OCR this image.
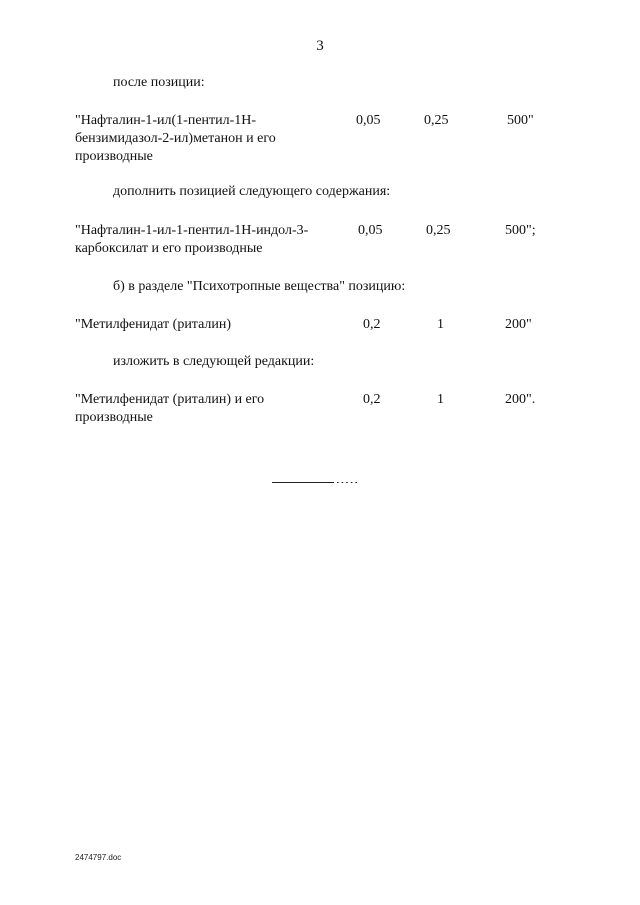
3
после позиции:
"Нафталин-1-ил(1-пентил-1Н-
бензимидазол-2-ил)метанон и его
производные
0,05	0,25	500"
дополнить позицией следующего содержания:
"Нафталин-1-ил-1-пентил-1Н-индол-3-
карбоксилат и его производные
0,05	0,25	500";
б) в разделе "Психотропные вещества" позицию:
"Метилфенидат (риталин)	0,2	1	200"
изложить в следующей редакции:
"Метилфенидат (риталин) и его
производные
0,2	1	200".
2474797.doc
